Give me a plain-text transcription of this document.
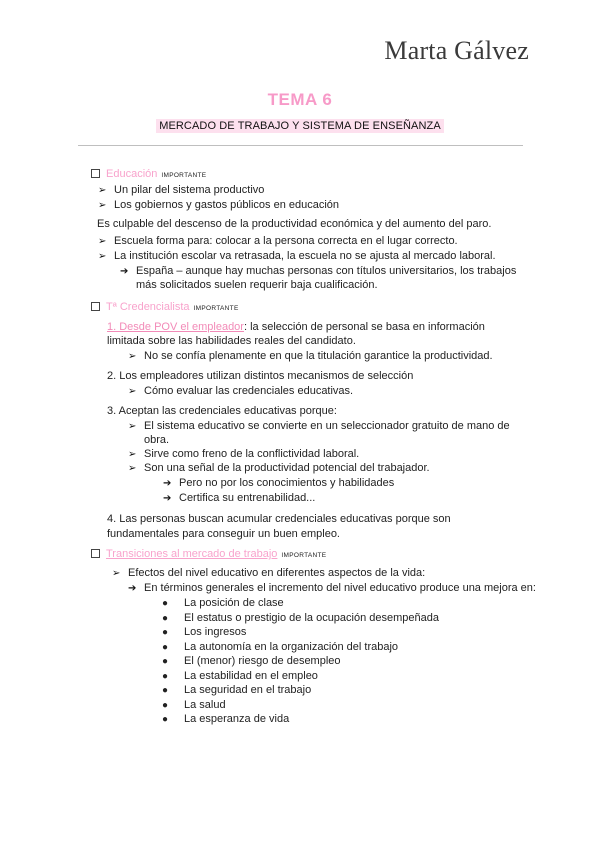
Marta Gálvez
TEMA 6
MERCADO DE TRABAJO Y SISTEMA DE ENSEÑANZA
Educación IMPORTANTE
➢ Un pilar del sistema productivo
➢ Los gobiernos y gastos públicos en educación
Es culpable del descenso de la productividad económica y del aumento del paro.
➢ Escuela forma para: colocar a la persona correcta en el lugar correcto.
➢ La institución escolar va retrasada, la escuela no se ajusta al mercado laboral.
➔ España – aunque hay muchas personas con títulos universitarios, los trabajos
más solicitados suelen requerir baja cualificación.
Tª Credencialista IMPORTANTE
1. Desde POV el empleador: la selección de personal se basa en información
limitada sobre las habilidades reales del candidato.
➢ No se confía plenamente en que la titulación garantice la productividad.
2. Los empleadores utilizan distintos mecanismos de selección
➢ Cómo evaluar las credenciales educativas.
3. Aceptan las credenciales educativas porque:
➢ El sistema educativo se convierte en un seleccionador gratuito de mano de
obra.
➢ Sirve como freno de la conflictividad laboral.
➢ Son una señal de la productividad potencial del trabajador.
➔ Pero no por los conocimientos y habilidades
➔ Certifica su entrenabilidad...
4. Las personas buscan acumular credenciales educativas porque son
fundamentales para conseguir un buen empleo.
Transiciones al mercado de trabajo IMPORTANTE
➢ Efectos del nivel educativo en diferentes aspectos de la vida:
➔ En términos generales el incremento del nivel educativo produce una mejora en:
● La posición de clase
● El estatus o prestigio de la ocupación desempeñada
● Los ingresos
● La autonomía en la organización del trabajo
● El (menor) riesgo de desempleo
● La estabilidad en el empleo
● La seguridad en el trabajo
● La salud
● La esperanza de vida
